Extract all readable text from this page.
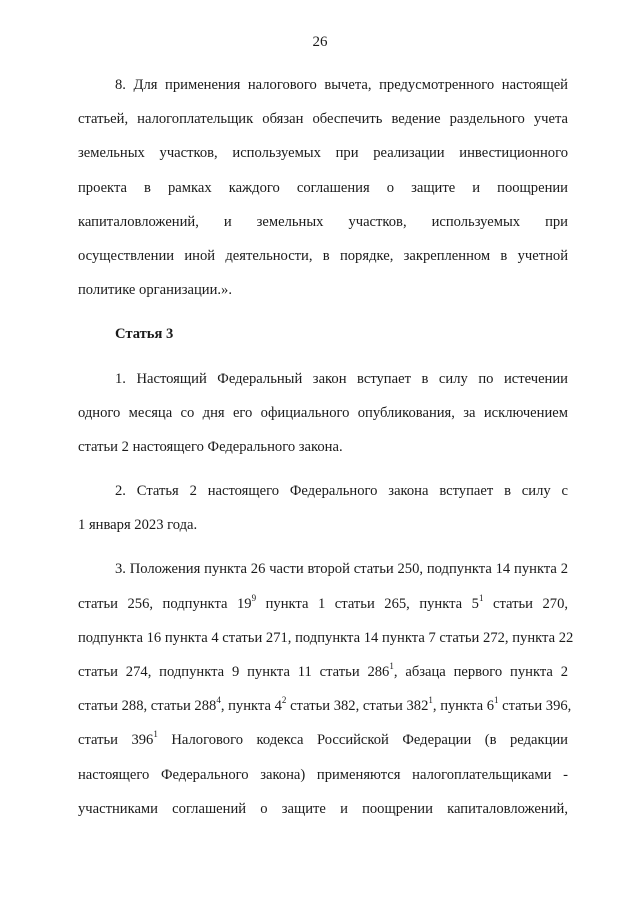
26
8. Для применения налогового вычета, предусмотренного настоящей
статьей, налогоплательщик обязан обеспечить ведение раздельного учета
земельных участков, используемых при реализации инвестиционного
проекта в рамках каждого соглашения о защите и поощрении
капиталовложений, и земельных участков, используемых при
осуществлении иной деятельности, в порядке, закрепленном в учетной
политике организации.».
Статья 3
1. Настоящий Федеральный закон вступает в силу по истечении
одного месяца со дня его официального опубликования, за исключением
статьи 2 настоящего Федерального закона.
2. Статья 2 настоящего Федерального закона вступает в силу с
1 января 2023 года.
3. Положения пункта 26 части второй статьи 250, подпункта 14 пункта 2
статьи 256, подпункта $19^9$ пункта 1 статьи 265, пункта $5^1$ статьи 270,
подпункта 16 пункта 4 статьи 271, подпункта 14 пункта 7 статьи 272, пункта 22
статьи 274, подпункта 9 пункта 11 статьи $286^1$, абзаца первого пункта 2
статьи 288, статьи $288^4$, пункта $4^2$ статьи 382, статьи $382^1$, пункта $6^1$ статьи 396,
статьи $396^1$ Налогового кодекса Российской Федерации (в редакции
настоящего Федерального закона) применяются налогоплательщиками -
участниками соглашений о защите и поощрении капиталовложений,
